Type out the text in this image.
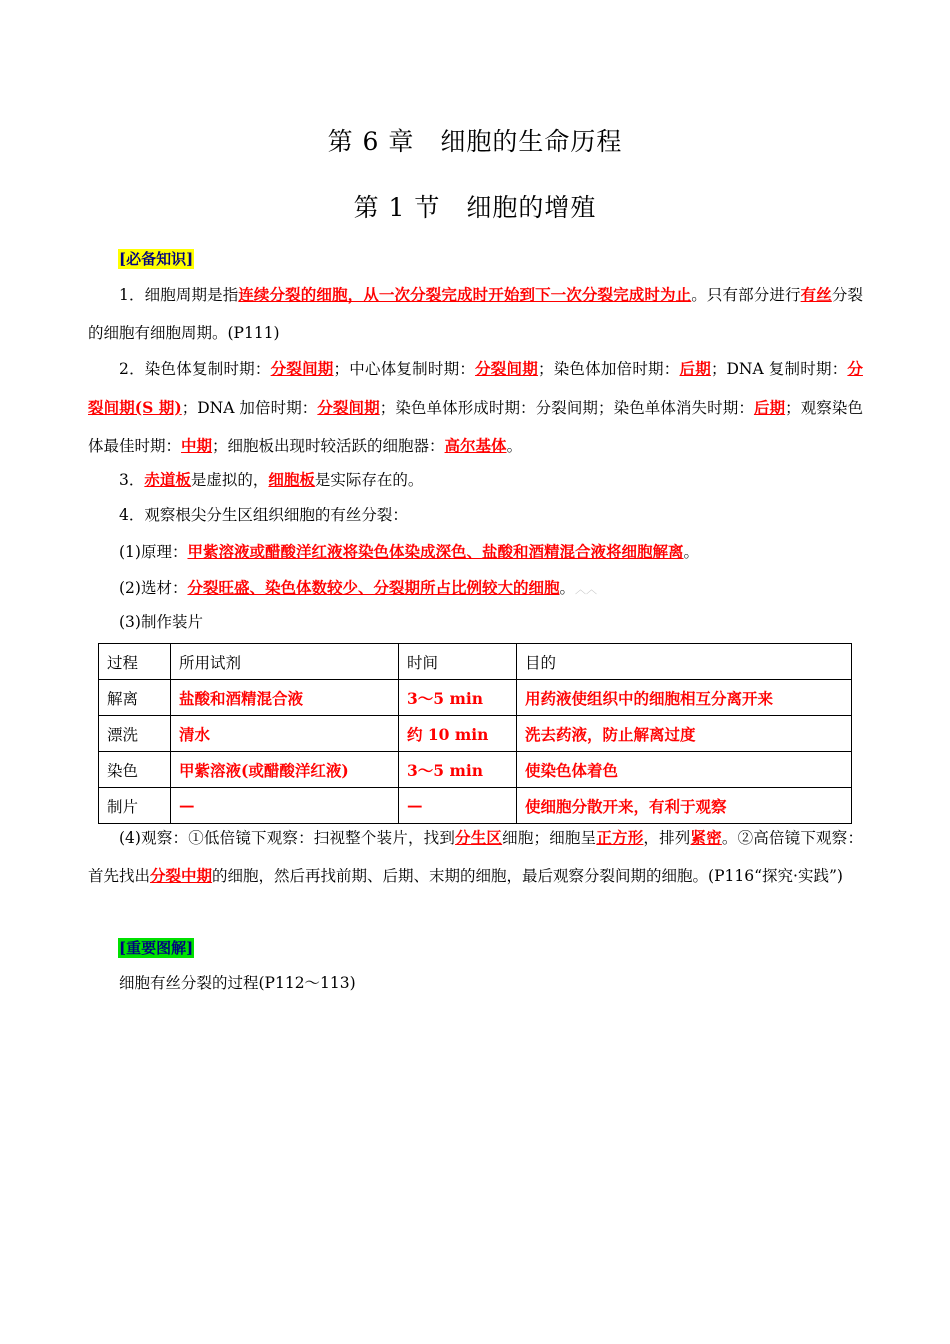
第 6 章　细胞的生命历程
第 1 节　细胞的增殖
[必备知识]

1．细胞周期是指连续分裂的细胞，从一次分裂完成时开始到下一次分裂完成时为止。只有部分进行有丝分裂的细胞有细胞周期。(P111)

2．染色体复制时期：分裂间期；中心体复制时期：分裂间期；染色体加倍时期：后期；DNA 复制时期：分裂间期(S 期)；DNA 加倍时期：分裂间期；染色单体形成时期：分裂间期；染色单体消失时期：后期；观察染色体最佳时期：中期；细胞板出现时较活跃的细胞器：高尔基体。

3．赤道板是虚拟的，细胞板是实际存在的。

4．观察根尖分生区组织细胞的有丝分裂：

(1)原理：甲紫溶液或醋酸洋红液将染色体染成深色、盐酸和酒精混合液将细胞解离。

(2)选材：分裂旺盛、染色体数较少、分裂期所占比例较大的细胞。︿︿

(3)制作装片

过程	所用试剂	时间	目的
解离	盐酸和酒精混合液	3～5 min	用药液使组织中的细胞相互分离开来
漂洗	清水	约 10 min	洗去药液，防止解离过度
染色	甲紫溶液(或醋酸洋红液)	3～5 min	使染色体着色
制片	—	—	使细胞分散开来，有利于观察

(4)观察：①低倍镜下观察：扫视整个装片，找到分生区细胞；细胞呈正方形，排列紧密。②高倍镜下观察：首先找出分裂中期的细胞，然后再找前期、后期、末期的细胞，最后观察分裂间期的细胞。(P116“探究·实践”)

[重要图解]
细胞有丝分裂的过程(P112～113)
